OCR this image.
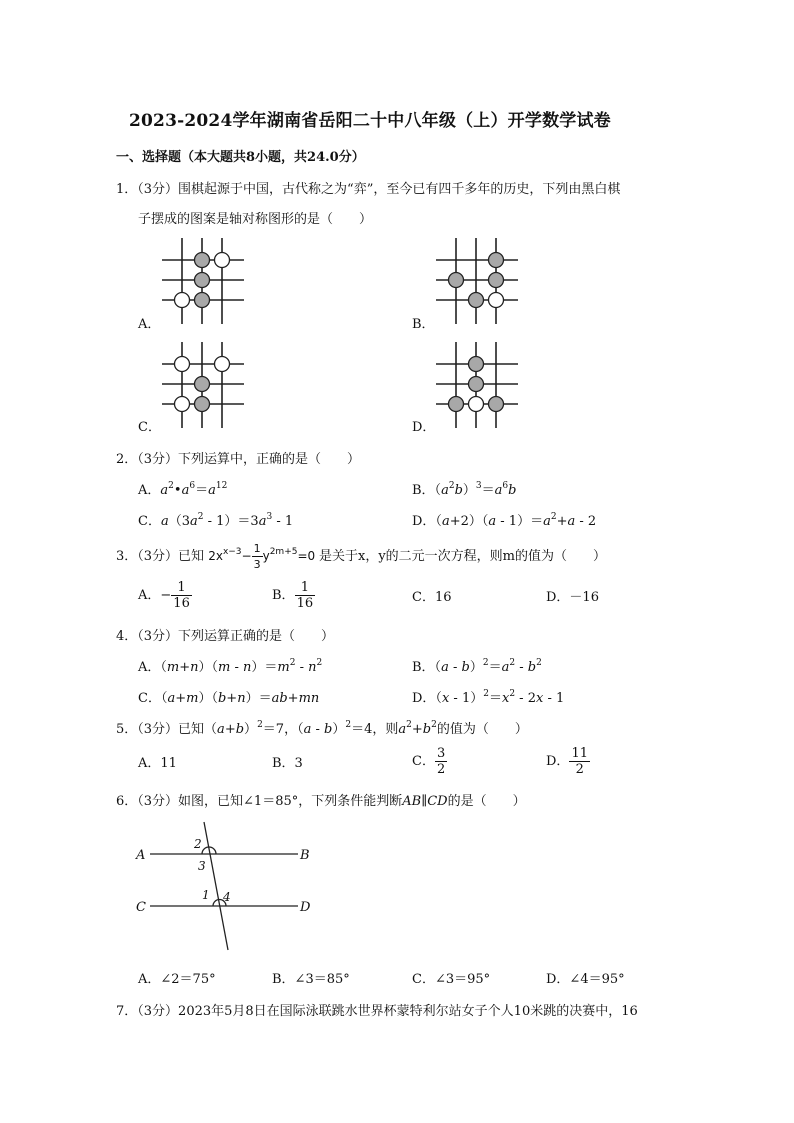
2023-2024学年湖南省岳阳二十中八年级（上）开学数学试卷
一、选择题（本大题共8小题，共24.0分）
1．（3分）围棋起源于中国，古代称之为“弈”，至今已有四千多年的历史，下列由黑白棋
子摆成的图案是轴对称图形的是（　　）
A．	B．
C．	D．
2．（3分）下列运算中，正确的是（　　）
A．$a^2•a^6=a^{12}$	B．$(a^2b)^3=a^6b$
C．$a(3a^2 - 1)=3a^3 - 1$	D．$(a+2)(a - 1)=a^2+a - 2$
3．（3分）已知 $2x^{x-3}- \frac{1}{3} y^{2m+5}=0$ 是关于x，y的二元一次方程，则m的值为（　　）
A．− $\frac{1}{16}$	B． $\frac{1}{16}$	C．16	D．－16
4．（3分）下列运算正确的是（　　）
A．$(m+n)(m - n)=m^2 - n^2$	B．$(a - b)^2=a^2 - b^2$
C．（a+m）（b+n）＝ab+mn	D．$(x - 1)^2=x^2 - 2x - 1$
5．（3分）已知$(a+b)^2=7$，（a - b）$^2$＝4，则$a^2+b^2$的值为（　　）
A．11	B．3	C． $\frac{3}{2}$	D． $\frac{11}{2}$
6．（3分）如图，已知∠1＝85°，下列条件能判断AB∥CD的是（　　）
A	B
C	D
2
3
1 4
A．∠2＝75°	B．∠3＝85°	C．∠3＝95°	D．∠4＝95°
7．（3分）2023年5月8日在国际泳联跳水世界杯蒙特利尔站女子个人10米跳的决赛中，16
